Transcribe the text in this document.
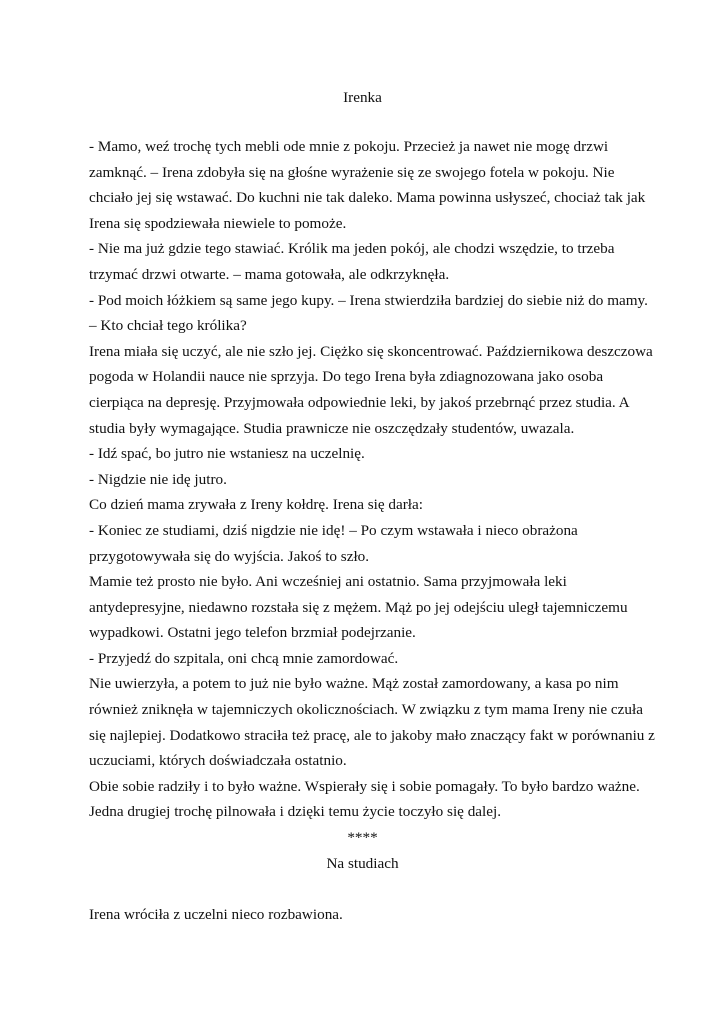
Irenka
- Mamo, weź trochę tych mebli ode mnie z pokoju. Przecież ja nawet nie mogę drzwi
zamknąć. – Irena zdobyła się na głośne wyrażenie się ze swojego fotela w pokoju. Nie
chciało jej się wstawać. Do kuchni nie tak daleko. Mama powinna usłyszeć, chociaż tak jak
Irena się spodziewała niewiele to pomoże.
- Nie ma już gdzie tego stawiać. Królik ma jeden pokój, ale chodzi wszędzie, to trzeba
trzymać drzwi otwarte. – mama gotowała, ale odkrzyknęła.
- Pod moich łóżkiem są same jego kupy. – Irena stwierdziła bardziej do siebie niż do mamy.
– Kto chciał tego królika?
Irena miała się uczyć, ale nie szło jej. Ciężko się skoncentrować. Październikowa deszczowa
pogoda w Holandii nauce nie sprzyja. Do tego Irena była zdiagnozowana jako osoba
cierpiąca na depresję. Przyjmowała odpowiednie leki, by jakoś przebrnąć przez studia. A
studia były wymagające. Studia prawnicze nie oszczędzały studentów, uwazala.
- Idź spać, bo jutro nie wstaniesz na uczelnię.
- Nigdzie nie idę jutro.
Co dzień mama zrywała z Ireny kołdrę. Irena się darła:
- Koniec ze studiami, dziś nigdzie nie idę! – Po czym wstawała i nieco obrażona
przygotowywała się do wyjścia. Jakoś to szło.
Mamie też prosto nie było. Ani wcześniej ani ostatnio. Sama przyjmowała leki
antydepresyjne, niedawno rozstała się z mężem. Mąż po jej odejściu uległ tajemniczemu
wypadkowi. Ostatni jego telefon brzmiał podejrzanie.
- Przyjedź do szpitala, oni chcą mnie zamordować.
Nie uwierzyła, a potem to już nie było ważne. Mąż został zamordowany, a kasa po nim
również zniknęła w tajemniczych okolicznościach. W związku z tym mama Ireny nie czuła
się najlepiej. Dodatkowo straciła też pracę, ale to jakoby mało znaczący fakt w porównaniu z
uczuciami, których doświadczała ostatnio.
Obie sobie radziły i to było ważne. Wspierały się i sobie pomagały. To było bardzo ważne.
Jedna drugiej trochę pilnowała i dzięki temu życie toczyło się dalej.
****
Na studiach
Irena wróciła z uczelni nieco rozbawiona.
